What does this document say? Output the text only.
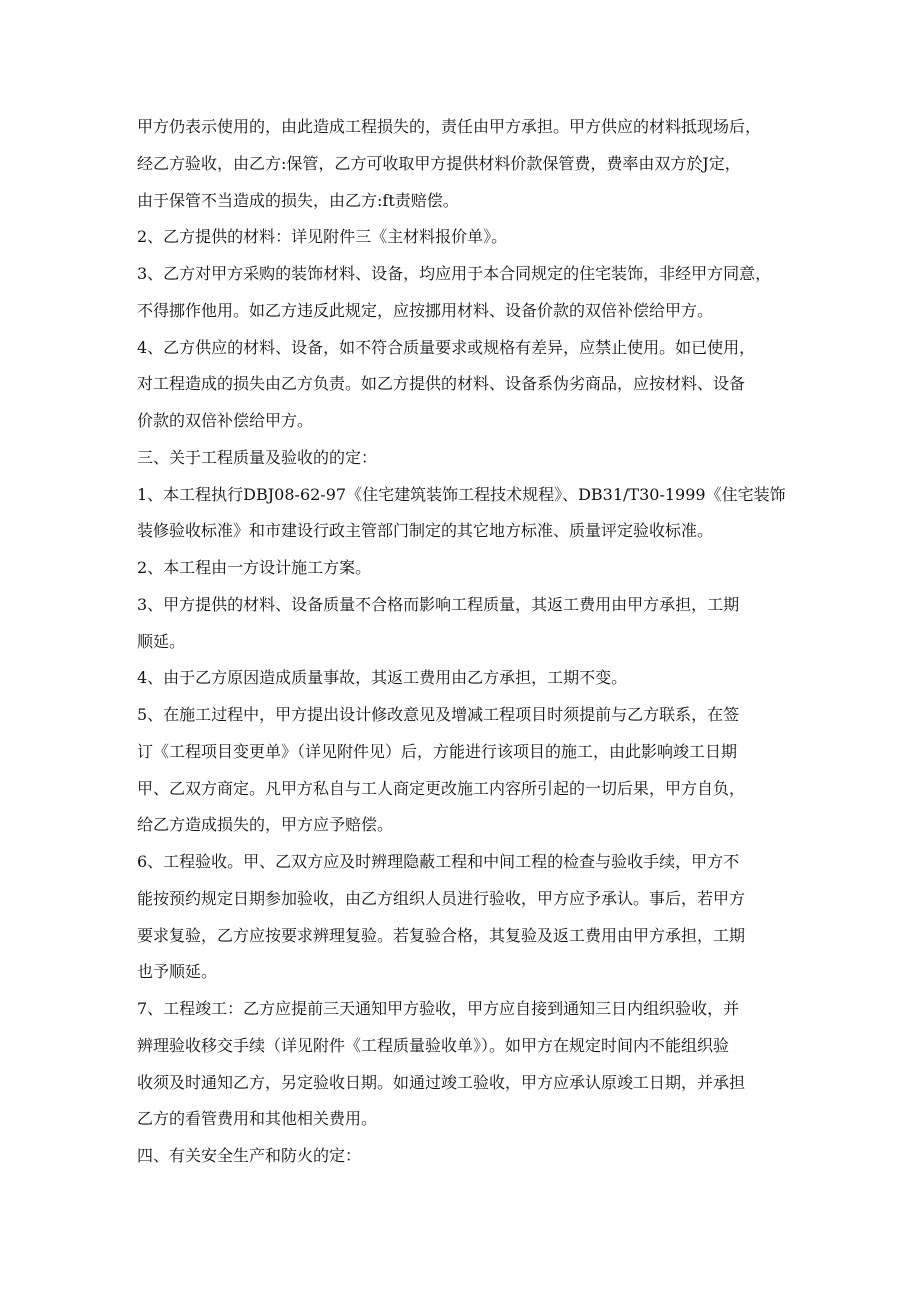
甲方仍表示使用的，由此造成工程损失的，责任由甲方承担。甲方供应的材料抵现场后，
经乙方验收，由乙方:保管，乙方可收取甲方提供材料价款保管费，费率由双方於J定，
由于保管不当造成的损失，由乙方:ft责赔偿。
2、乙方提供的材料：详见附件三《主材料报价单》。
3、乙方对甲方采购的装饰材料、设备，均应用于本合同规定的住宅装饰，非经甲方同意，
不得挪作他用。如乙方违反此规定，应按挪用材料、设备价款的双倍补偿给甲方。
4、乙方供应的材料、设备，如不符合质量要求或规格有差异，应禁止使用。如已使用，
对工程造成的损失由乙方负责。如乙方提供的材料、设备系伪劣商品，应按材料、设备
价款的双倍补偿给甲方。
三、关于工程质量及验收的的定：
1、本工程执行DBJ08-62-97《住宅建筑装饰工程技术规程》、DB31/T30-1999《住宅装饰
装修验收标准》和市建设行政主管部门制定的其它地方标准、质量评定验收标准。
2、本工程由一方设计施工方案。
3、甲方提供的材料、设备质量不合格而影响工程质量，其返工费用由甲方承担，工期
顺延。
4、由于乙方原因造成质量事故，其返工费用由乙方承担，工期不变。
5、在施工过程中，甲方提出设计修改意见及增减工程项目时须提前与乙方联系，在签
订《工程项目变更单》（详见附件见）后，方能进行该项目的施工，由此影响竣工日期
甲、乙双方商定。凡甲方私自与工人商定更改施工内容所引起的一切后果，甲方自负，
给乙方造成损失的，甲方应予赔偿。
6、工程验收。甲、乙双方应及时辨理隐蔽工程和中间工程的检查与验收手续，甲方不
能按预约规定日期参加验收，由乙方组织人员进行验收，甲方应予承认。事后，若甲方
要求复验，乙方应按要求辨理复验。若复验合格，其复验及返工费用由甲方承担，工期
也予顺延。
7、工程竣工：乙方应提前三天通知甲方验收，甲方应自接到通知三日内组织验收，并
辨理验收移交手续（详见附件《工程质量验收单》）。如甲方在规定时间内不能组织验
收须及时通知乙方，另定验收日期。如通过竣工验收，甲方应承认原竣工日期，并承担
乙方的看管费用和其他相关费用。
四、有关安全生产和防火的定：
